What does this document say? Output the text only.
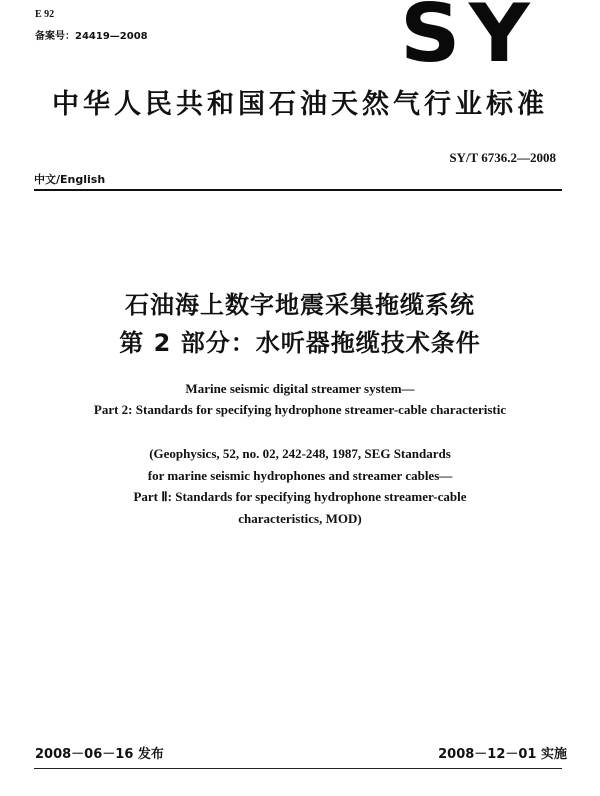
E 92
备案号：24419—2008	SY
中华人民共和国石油天然气行业标准
SY/T 6736.2—2008
中文/English
石油海上数字地震采集拖缆系统
第 2 部分：水听器拖缆技术条件
Marine seismic digital streamer system—
Part 2: Standards for specifying hydrophone streamer-cable characteristic
(Geophysics, 52, no. 02, 242-248, 1987, SEG Standards
for marine seismic hydrophones and streamer cables—
Part Ⅱ: Standards for specifying hydrophone streamer-cable
characteristics, MOD)
2008－06－16 发布	2008－12－01 实施
